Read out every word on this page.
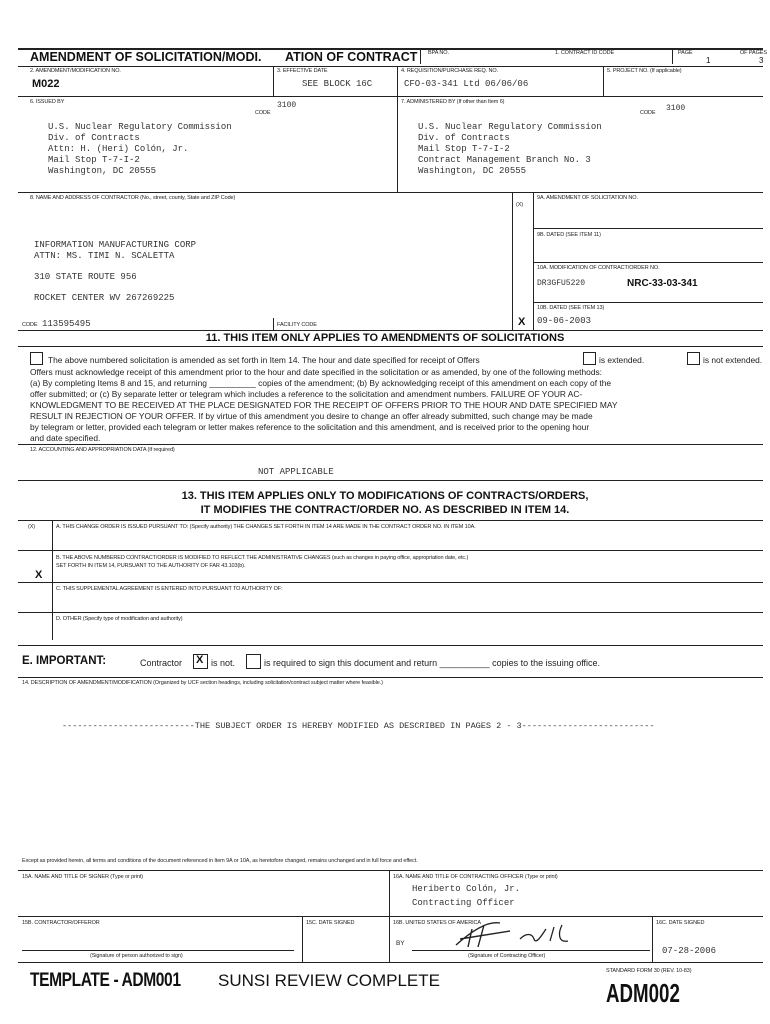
AMENDMENT OF SOLICITATION/MODI. ATION OF CONTRACT BPA NO.	1. CONTRACT ID CODE	PAGE	OF PAGES
1	3
2. AMENDMENT/MODIFICATION NO.
M022
3. EFFECTIVE DATE
SEE BLOCK 16C
4. REQUISITION/PURCHASE REQ. NO.
CFO-03-341 Ltd 06/06/06
5. PROJECT NO. (If applicable)
6. ISSUED BY
CODE
3100
U.S. Nuclear Regulatory Commission
Div. of Contracts
Attn: H. (Heri) Colón, Jr.
Mail Stop T-7-I-2
Washington, DC 20555
7. ADMINISTERED BY (If other than Item 6)
CODE 3100
U.S. Nuclear Regulatory Commission
Div. of Contracts
Mail Stop T-7-I-2
Contract Management Branch No. 3
Washington, DC 20555
8. NAME AND ADDRESS OF CONTRACTOR (No., street, county, State and ZIP Code)
INFORMATION MANUFACTURING CORP
ATTN: MS. TIMI N. SCALETTA
310 STATE ROUTE 956
ROCKET CENTER WV 267269225
CODE 113595495	FACILITY CODE
(X)
9A. AMENDMENT OF SOLICITATION NO.
9B. DATED (SEE ITEM 11)
10A. MODIFICATION OF CONTRACT/ORDER NO.
DR3GFU5220	NRC-33-03-341
10B. DATED (SEE ITEM 13)
09-06-2003
X
11. THIS ITEM ONLY APPLIES TO AMENDMENTS OF SOLICITATIONS
The above numbered solicitation is amended as set forth in Item 14. The hour and date specified for receipt of Offers	is extended.	is not extended.
Offers must acknowledge receipt of this amendment prior to the hour and date specified in the solicitation or as amended, by one of the following methods:
(a) By completing Items 8 and 15, and returning __________ copies of the amendment; (b) By acknowledging receipt of this amendment on each copy of the
offer submitted; or (c) By separate letter or telegram which includes a reference to the solicitation and amendment numbers. FAILURE OF YOUR AC-
KNOWLEDGMENT TO BE RECEIVED AT THE PLACE DESIGNATED FOR THE RECEIPT OF OFFERS PRIOR TO THE HOUR AND DATE SPECIFIED MAY
RESULT IN REJECTION OF YOUR OFFER. If by virtue of this amendment you desire to change an offer already submitted, such change may be made
by telegram or letter, provided each telegram or letter makes reference to the solicitation and this amendment, and is received prior to the opening hour
and date specified.
12. ACCOUNTING AND APPROPRIATION DATA (If required)
NOT APPLICABLE
13. THIS ITEM APPLIES ONLY TO MODIFICATIONS OF CONTRACTS/ORDERS,
IT MODIFIES THE CONTRACT/ORDER NO. AS DESCRIBED IN ITEM 14.
(X)	A. THIS CHANGE ORDER IS ISSUED PURSUANT TO: (Specify authority) THE CHANGES SET FORTH IN ITEM 14 ARE MADE IN THE CONTRACT ORDER NO. IN ITEM 10A.
B. THE ABOVE NUMBERED CONTRACT/ORDER IS MODIFIED TO REFLECT THE ADMINISTRATIVE CHANGES (such as changes in paying office, appropriation date, etc.)
SET FORTH IN ITEM 14, PURSUANT TO THE AUTHORITY OF FAR 43.103(b).
X
C. THIS SUPPLEMENTAL AGREEMENT IS ENTERED INTO PURSUANT TO AUTHORITY OF:
D. OTHER (Specify type of modification and authority)
E. IMPORTANT:	Contractor X is not.	is required to sign this document and return __________ copies to the issuing office.
14. DESCRIPTION OF AMENDMENT/MODIFICATION (Organized by UCF section headings, including solicitation/contract subject matter where feasible.)
--------------------------THE SUBJECT ORDER IS HEREBY MODIFIED AS DESCRIBED IN PAGES 2 - 3--------------------------
Except as provided herein, all terms and conditions of the document referenced in Item 9A or 10A, as heretofore changed, remains unchanged and in full force and effect.
15A. NAME AND TITLE OF SIGNER (Type or print)	16A. NAME AND TITLE OF CONTRACTING OFFICER (Type or print)
Heriberto Colón, Jr.
Contracting Officer
15B. CONTRACTOR/OFFEROR
(Signature of person authorized to sign)
15C. DATE SIGNED	16B. UNITED STATES OF AMERICA
BY
(Signature of Contracting Officer)
16C. DATE SIGNED
07-28-2006
TEMPLATE - ADM001 SUNSI REVIEW COMPLETE	STANDARD FORM 30 (REV. 10-83)
ADM002
